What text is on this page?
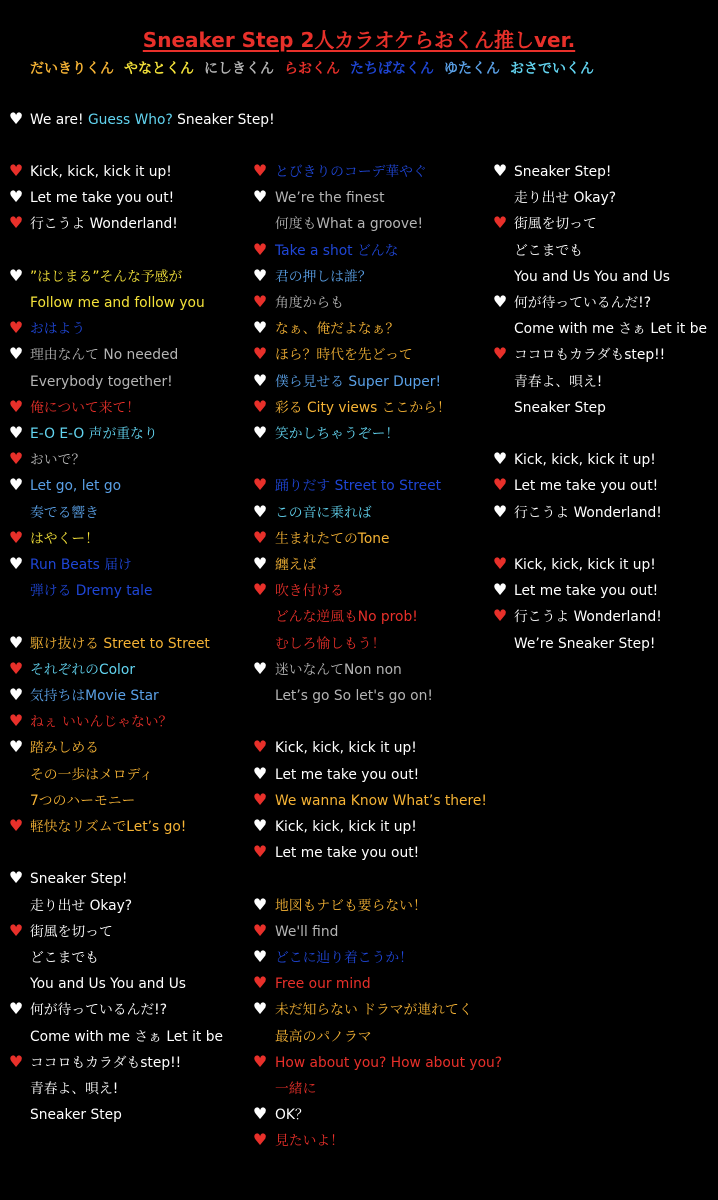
Sneaker Step 2人カラオケらおくん推しver.
だいきりくん やなとくん にしきくん らおくん たちばなくん ゆたくん おさでいくん
♥ We are! Guess Who? Sneaker Step!
♥ Kick, kick, kick it up!
♥ Let me take you out!
♥ 行こうよ Wonderland!
♥ ”はじまる”そんな予感が
Follow me and follow you
♥ おはよう
♥ 理由なんて No needed
Everybody together!
♥ 俺について来て！
♥ E-O E-O 声が重なり
♥ おいで？
♥ Let go, let go
奏でる響き
♥ はやくー！
♥ Run Beats 届け
弾ける Dremy tale
♥ 駆け抜ける Street to Street
♥ それぞれのColor
♥ 気持ちはMovie Star
♥ ねぇ いいんじゃない？
♥ 踏みしめる
その一歩はメロディ
7つのハーモニー
♥ 軽快なリズムでLet’s go!
♥ Sneaker Step!
走り出せ Okay?
♥ 街風を切って
どこまでも
You and Us You and Us
♥ 何が待っているんだ!?
Come with me さぁ Let it be
♥ ココロもカラダもstep!!
青春よ、唄え!
Sneaker Step
♥ とびきりのコーデ華やぐ
♥ We’re the finest
何度もWhat a groove!
♥ Take a shot どんな
♥ 君の押しは誰？
♥ 角度からも
♥ なぁ、俺だよなぁ？
♥ ほら？時代を先どって
♥ 僕ら見せる Super Duper!
♥ 彩る City views ここから！
♥ 笑かしちゃうぞー！
♥ 踊りだす Street to Street
♥ この音に乗れば
♥ 生まれたてのTone
♥ 纏えば
♥ 吹き付ける
どんな逆風もNo prob!
むしろ愉しもう！
♥ 迷いなんてNon non
Let’s go So let's go on!
♥ Kick, kick, kick it up!
♥ Let me take you out!
♥ We wanna Know What’s there!
♥ Kick, kick, kick it up!
♥ Let me take you out!
♥ 地図もナビも要らない！
♥ We'll find
♥ どこに辿り着こうか！
♥ Free our mind
♥ 未だ知らない ドラマが連れてく
最高のパノラマ
♥ How about you? How about you?
一緒に
♥ OK？
♥ 見たいよ！
♥ Sneaker Step!
走り出せ Okay?
♥ 街風を切って
どこまでも
You and Us You and Us
♥ 何が待っているんだ!?
Come with me さぁ Let it be
♥ ココロもカラダもstep!!
青春よ、唄え!
Sneaker Step
♥ Kick, kick, kick it up!
♥ Let me take you out!
♥ 行こうよ Wonderland!
♥ Kick, kick, kick it up!
♥ Let me take you out!
♥ 行こうよ Wonderland!
We’re Sneaker Step!
